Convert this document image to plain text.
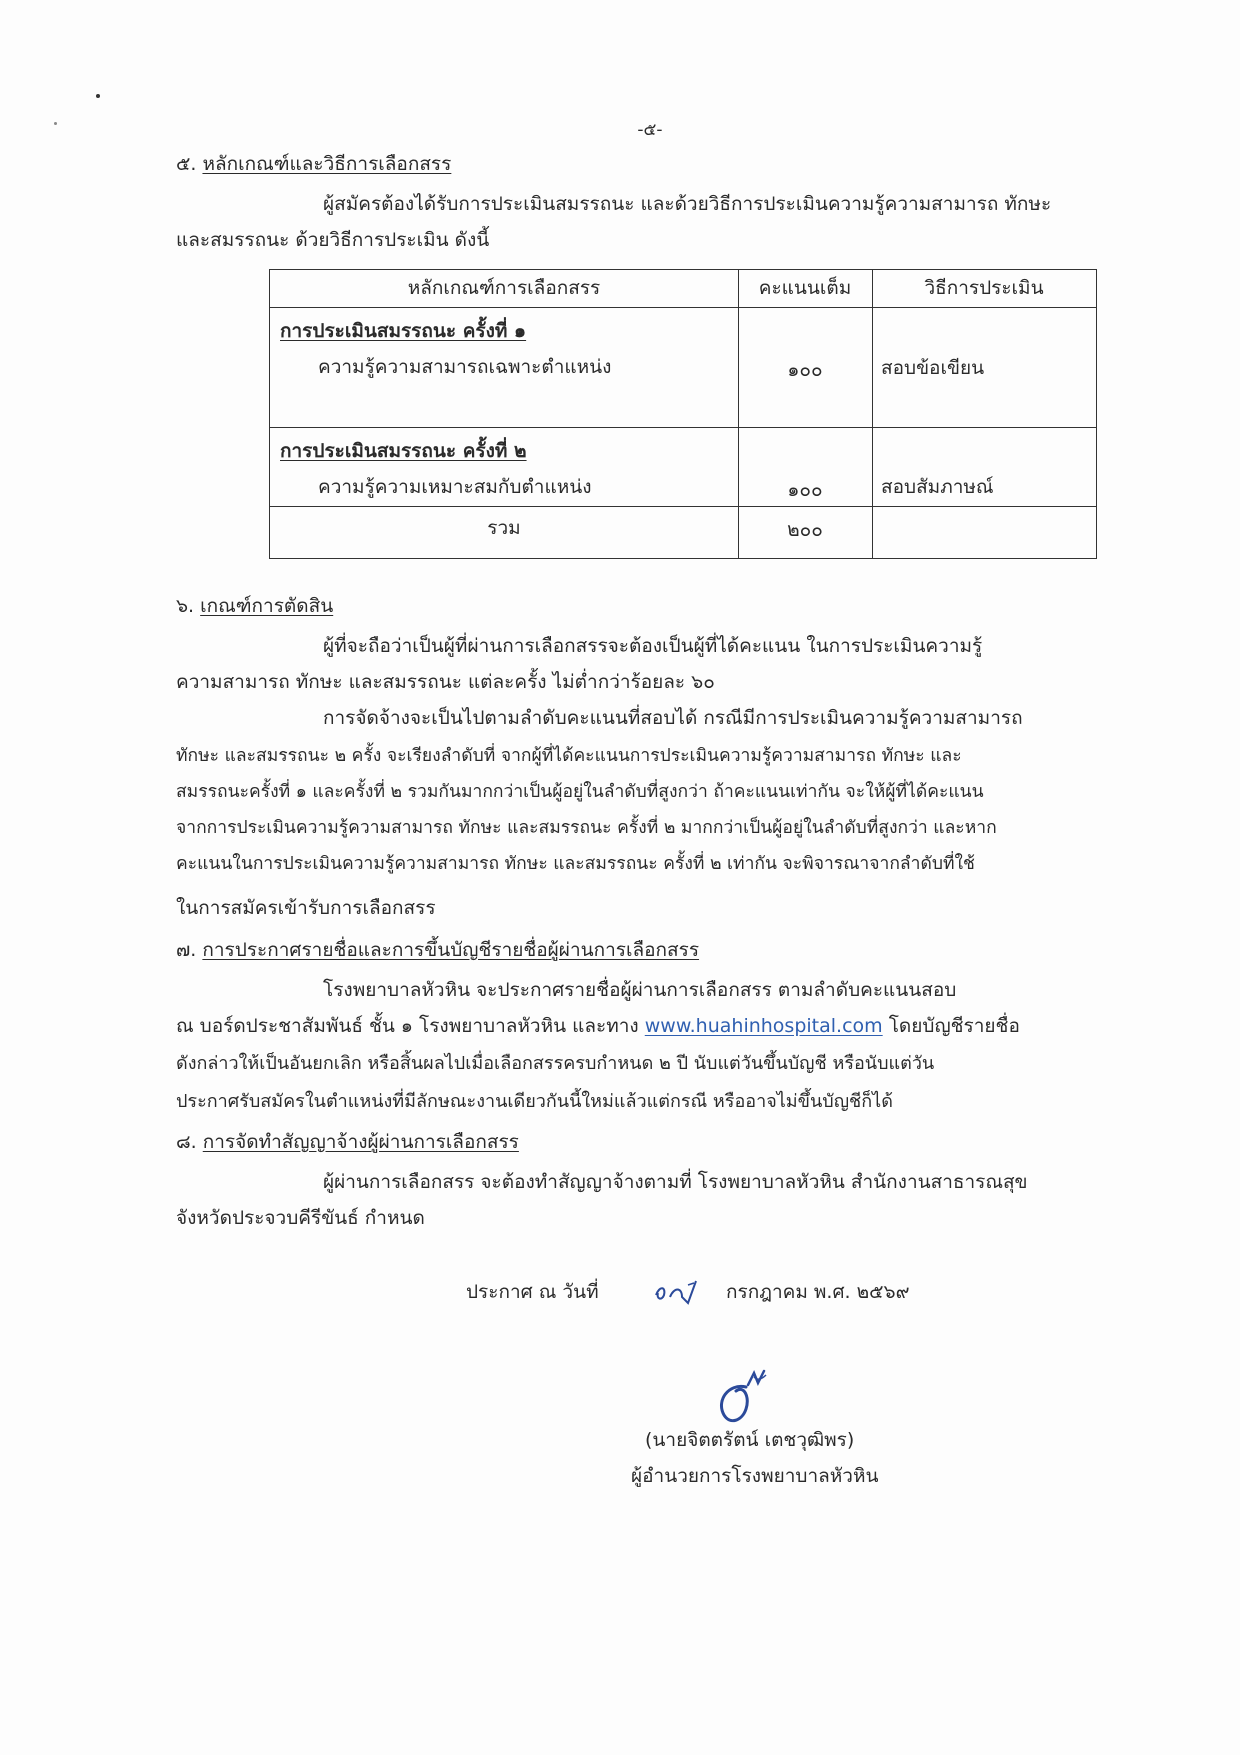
-๕-
๕. หลักเกณฑ์และวิธีการเลือกสรร
ผู้สมัครต้องได้รับการประเมินสมรรถนะ และด้วยวิธีการประเมินความรู้ความสามารถ ทักษะ
และสมรรถนะ ด้วยวิธีการประเมิน ดังนี้
หลักเกณฑ์การเลือกสรร	คะแนนเต็ม	วิธีการประเมิน
การประเมินสมรรถนะ ครั้งที่ ๑
ความรู้ความสามารถเฉพาะตำแหน่ง	๑๐๐	สอบข้อเขียน
การประเมินสมรรถนะ ครั้งที่ ๒
ความรู้ความเหมาะสมกับตำแหน่ง	๑๐๐	สอบสัมภาษณ์
รวม	๒๐๐
๖. เกณฑ์การตัดสิน
ผู้ที่จะถือว่าเป็นผู้ที่ผ่านการเลือกสรรจะต้องเป็นผู้ที่ได้คะแนน ในการประเมินความรู้
ความสามารถ ทักษะ และสมรรถนะ แต่ละครั้ง ไม่ต่ำกว่าร้อยละ ๖๐
การจัดจ้างจะเป็นไปตามลำดับคะแนนที่สอบได้ กรณีมีการประเมินความรู้ความสามารถ
ทักษะ และสมรรถนะ ๒ ครั้ง จะเรียงลำดับที่ จากผู้ที่ได้คะแนนการประเมินความรู้ความสามารถ ทักษะ และ
สมรรถนะครั้งที่ ๑ และครั้งที่ ๒ รวมกันมากกว่าเป็นผู้อยู่ในลำดับที่สูงกว่า ถ้าคะแนนเท่ากัน จะให้ผู้ที่ได้คะแนน
จากการประเมินความรู้ความสามารถ ทักษะ และสมรรถนะ ครั้งที่ ๒ มากกว่าเป็นผู้อยู่ในลำดับที่สูงกว่า และหาก
คะแนนในการประเมินความรู้ความสามารถ ทักษะ และสมรรถนะ ครั้งที่ ๒ เท่ากัน จะพิจารณาจากลำดับที่ใช้
ในการสมัครเข้ารับการเลือกสรร
๗. การประกาศรายชื่อและการขึ้นบัญชีรายชื่อผู้ผ่านการเลือกสรร
โรงพยาบาลหัวหิน จะประกาศรายชื่อผู้ผ่านการเลือกสรร ตามลำดับคะแนนสอบ
ณ บอร์ดประชาสัมพันธ์ ชั้น ๑ โรงพยาบาลหัวหิน และทาง www.huahinhospital.com โดยบัญชีรายชื่อ
ดังกล่าวให้เป็นอันยกเลิก หรือสิ้นผลไปเมื่อเลือกสรรครบกำหนด ๒ ปี นับแต่วันขึ้นบัญชี หรือนับแต่วัน
ประกาศรับสมัครในตำแหน่งที่มีลักษณะงานเดียวกันนี้ใหม่แล้วแต่กรณี หรืออาจไม่ขึ้นบัญชีก็ได้
๘. การจัดทำสัญญาจ้างผู้ผ่านการเลือกสรร
ผู้ผ่านการเลือกสรร จะต้องทำสัญญาจ้างตามที่ โรงพยาบาลหัวหิน สำนักงานสาธารณสุข
จังหวัดประจวบคีรีขันธ์ กำหนด
ประกาศ ณ วันที่	กรกฎาคม พ.ศ. ๒๕๖๙
(นายจิตตรัตน์ เตชวุฒิพร)
ผู้อำนวยการโรงพยาบาลหัวหิน
